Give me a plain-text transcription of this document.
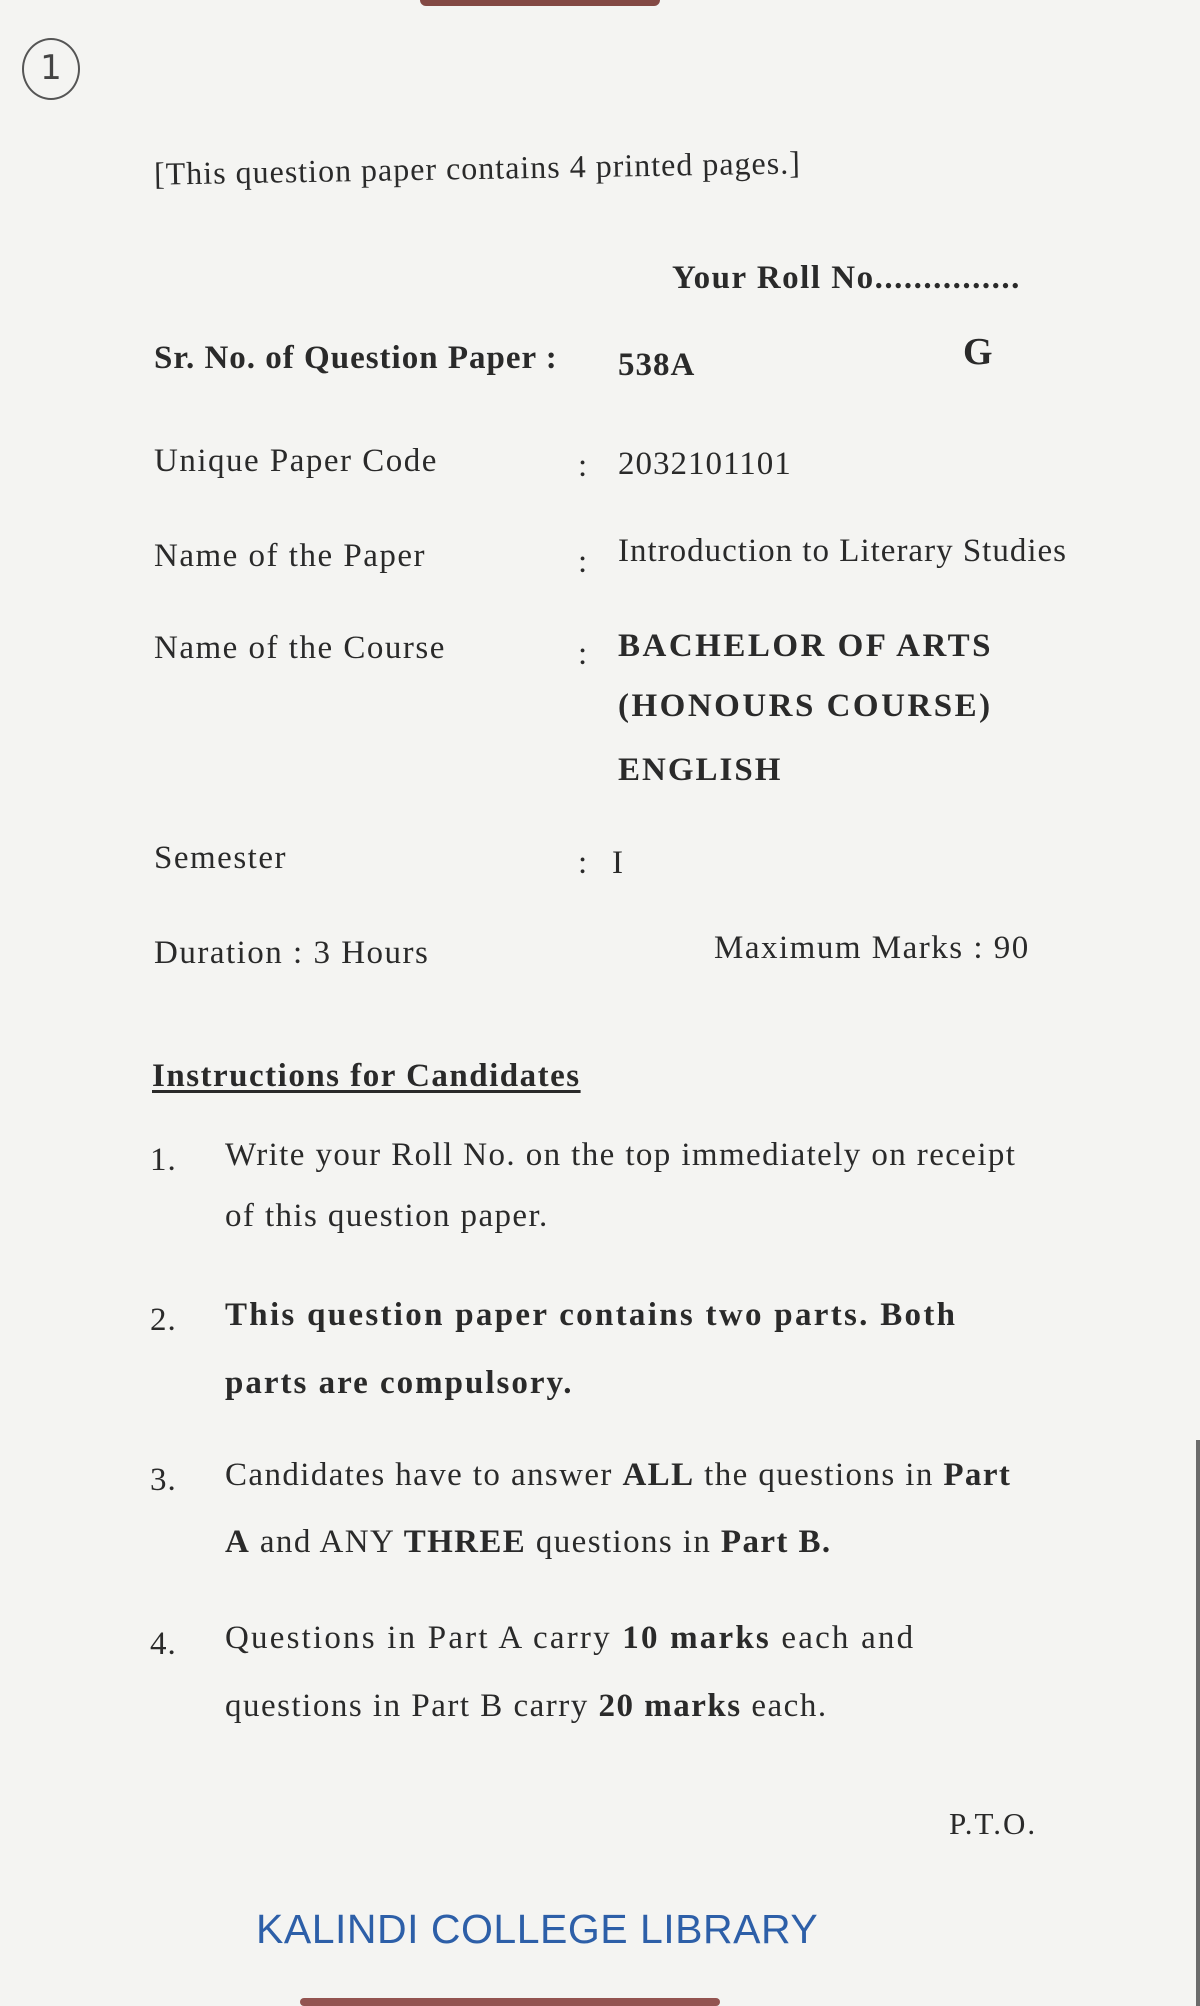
1
[This question paper contains 4 printed pages.]
Your Roll No...............
Sr. No. of Question Paper : 538A	G
Unique Paper Code	: 2032101101
Name of the Paper	: Introduction to Literary Studies
Name of the Course	: BACHELOR OF ARTS
(HONOURS COURSE)
ENGLISH
Semester	: I
Duration : 3 Hours	Maximum Marks : 90
Instructions for Candidates
1. Write your Roll No. on the top immediately on receipt
of this question paper.
2. This question paper contains two parts. Both
parts are compulsory.
3. Candidates have to answer ALL the questions in Part
A and ANY THREE questions in Part B.
4. Questions in Part A carry 10 marks each and
questions in Part B carry 20 marks each.
P.T.O.
KALINDI COLLEGE LIBRARY
